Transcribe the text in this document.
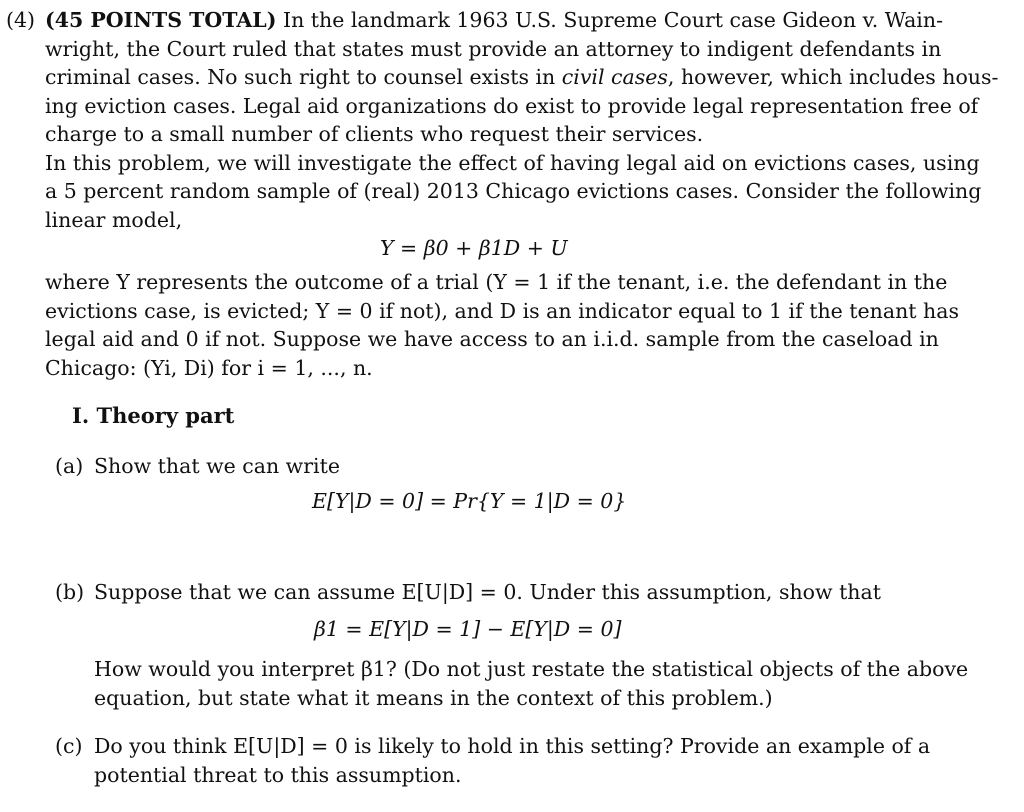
(4) (45 POINTS TOTAL) In the landmark 1963 U.S. Supreme Court case Gideon v. Wain-
wright, the Court ruled that states must provide an attorney to indigent defendants in
criminal cases. No such right to counsel exists in civil cases, however, which includes hous-
ing eviction cases. Legal aid organizations do exist to provide legal representation free of
charge to a small number of clients who request their services.
In this problem, we will investigate the effect of having legal aid on evictions cases, using
a 5 percent random sample of (real) 2013 Chicago evictions cases. Consider the following
linear model,
Y = β0 + β1D + U
where Y represents the outcome of a trial (Y = 1 if the tenant, i.e. the defendant in the
evictions case, is evicted; Y = 0 if not), and D is an indicator equal to 1 if the tenant has
legal aid and 0 if not. Suppose we have access to an i.i.d. sample from the caseload in
Chicago: (Yi, Di) for i = 1, ..., n.
I. Theory part
(a) Show that we can write
E[Y|D = 0] = Pr{Y = 1|D = 0}
(b) Suppose that we can assume E[U|D] = 0. Under this assumption, show that
β1 = E[Y|D = 1] − E[Y|D = 0]
How would you interpret β1? (Do not just restate the statistical objects of the above
equation, but state what it means in the context of this problem.)
(c) Do you think E[U|D] = 0 is likely to hold in this setting? Provide an example of a
potential threat to this assumption.
